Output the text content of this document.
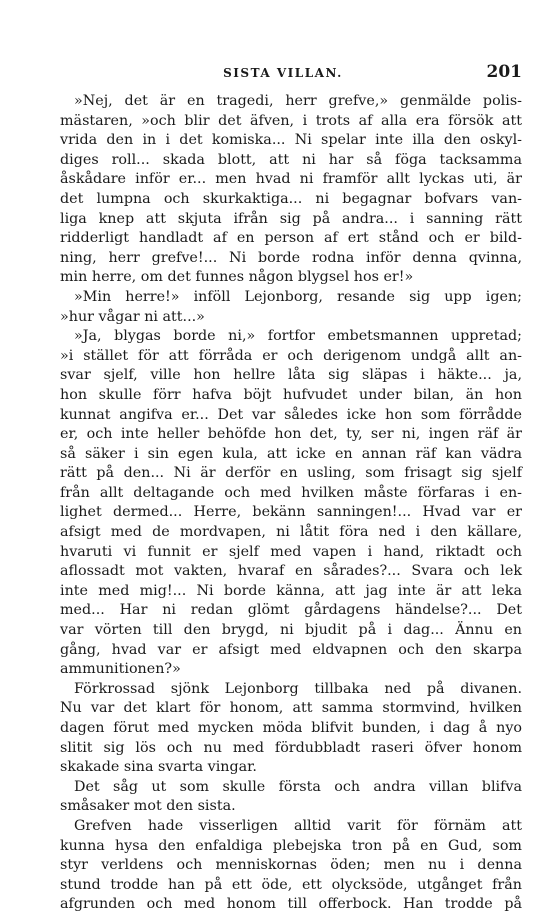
SISTA VILLAN.	201
»Nej, det är en tragedi, herr grefve,» genmälde polis-
mästaren, »och blir det äfven, i trots af alla era försök att
vrida den in i det komiska... Ni spelar inte illa den oskyl-
diges roll... skada blott, att ni har så föga tacksamma
åskådare inför er... men hvad ni framför allt lyckas uti, är
det lumpna och skurkaktiga... ni begagnar bofvars van-
liga knep att skjuta ifrån sig på andra... i sanning rätt
ridderligt handladt af en person af ert stånd och er bild-
ning, herr grefve!... Ni borde rodna inför denna qvinna,
min herre, om det funnes någon blygsel hos er!»
»Min herre!» inföll Lejonborg, resande sig upp igen;
»hur vågar ni att...»
»Ja, blygas borde ni,» fortfor embetsmannen uppretad;
»i stället för att förråda er och derigenom undgå allt an-
svar sjelf, ville hon hellre låta sig släpas i häkte... ja,
hon skulle förr hafva böjt hufvudet under bilan, än hon
kunnat angifva er... Det var således icke hon som förrådde
er, och inte heller behöfde hon det, ty, ser ni, ingen räf är
så säker i sin egen kula, att icke en annan räf kan vädra
rätt på den... Ni är derför en usling, som frisagt sig sjelf
från allt deltagande och med hvilken måste förfaras i en-
lighet dermed... Herre, bekänn sanningen!... Hvad var er
afsigt med de mordvapen, ni låtit föra ned i den källare,
hvaruti vi funnit er sjelf med vapen i hand, riktadt och
aflossadt mot vakten, hvaraf en sårades?... Svara och lek
inte med mig!... Ni borde känna, att jag inte är att leka
med... Har ni redan glömt gårdagens händelse?... Det
var vörten till den brygd, ni bjudit på i dag... Ännu en
gång, hvad var er afsigt med eldvapnen och den skarpa
ammunitionen?»
Förkrossad sjönk Lejonborg tillbaka ned på divanen.
Nu var det klart för honom, att samma stormvind, hvilken
dagen förut med mycken möda blifvit bunden, i dag å nyo
slitit sig lös och nu med fördubbladt raseri öfver honom
skakade sina svarta vingar.
Det såg ut som skulle första och andra villan blifva
småsaker mot den sista.
Grefven hade visserligen alltid varit för förnäm att
kunna hysa den enfaldiga plebejska tron på en Gud, som
styr verldens och menniskornas öden; men nu i denna
stund trodde han på ett öde, ett olycksöde, utgånget från
afgrunden och med honom till offerbock. Han trodde på
